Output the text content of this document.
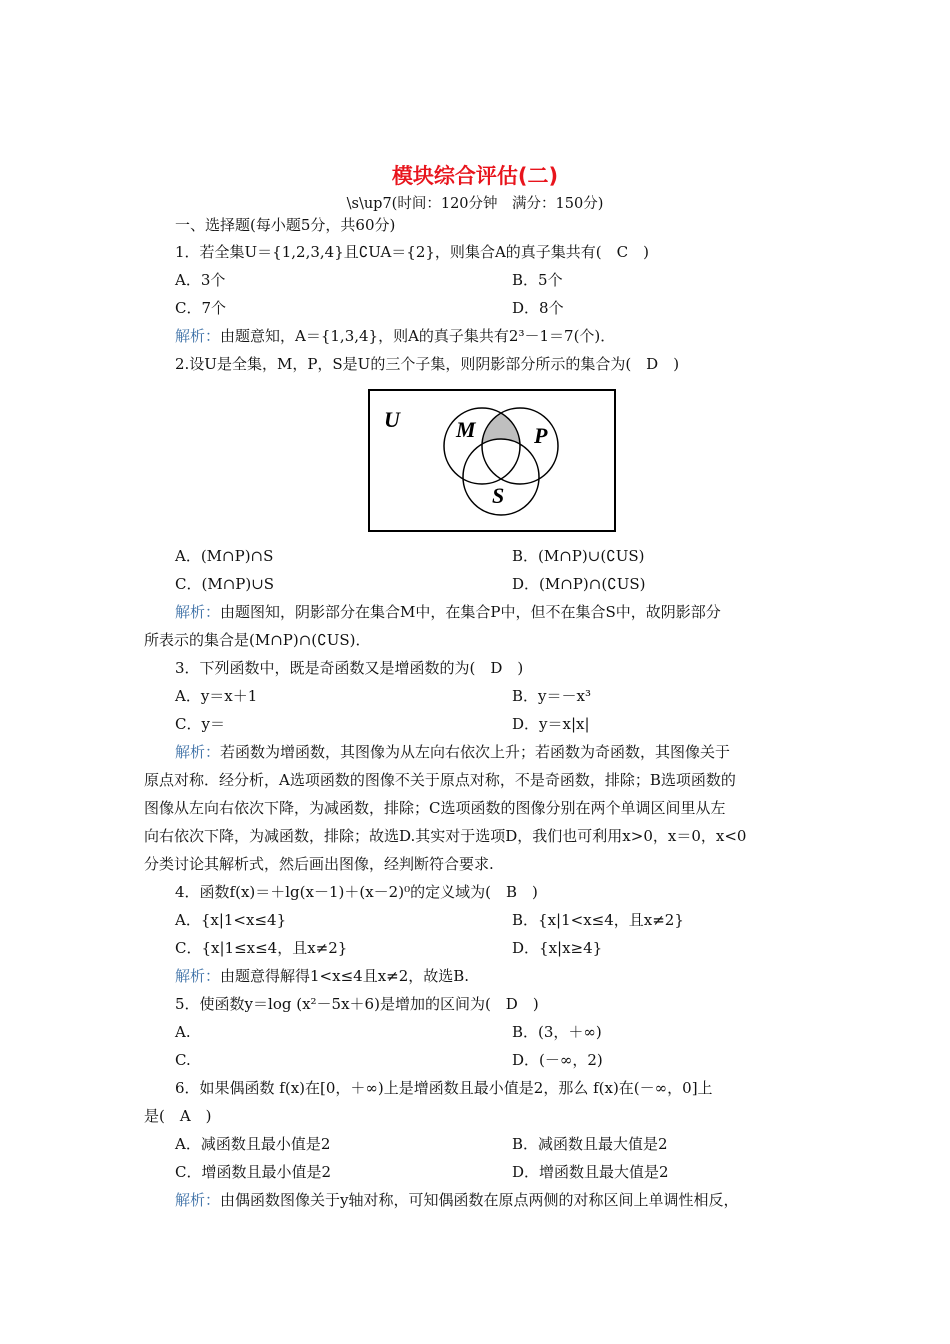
模块综合评估(二)
\s\up7(时间：120分钟　满分：150分)
一、选择题(每小题5分，共60分)
1．若全集U＝{1,2,3,4}且∁UA＝{2}，则集合A的真子集共有(　C　)
A．3个	B．5个
C．7个	D．8个
解析：由题意知，A＝{1,3,4}，则A的真子集共有2³－1＝7(个)．
2.设U是全集，M，P，S是U的三个子集，则阴影部分所示的集合为(　D　)
U	M	P
S
A．(M∩P)∩S	B．(M∩P)∪(∁US)
C．(M∩P)∪S	D．(M∩P)∩(∁US)
解析：由题图知，阴影部分在集合M中，在集合P中，但不在集合S中，故阴影部分
所表示的集合是(M∩P)∩(∁US)．
3．下列函数中，既是奇函数又是增函数的为(　D　)
A．y＝x＋1	B．y＝－x³
C．y＝	D．y＝x|x|
解析：若函数为增函数，其图像为从左向右依次上升；若函数为奇函数，其图像关于
原点对称．经分析，A选项函数的图像不关于原点对称，不是奇函数，排除；B选项函数的
图像从左向右依次下降，为减函数，排除；C选项函数的图像分别在两个单调区间里从左
向右依次下降，为减函数，排除；故选D.其实对于选项D，我们也可利用x>0，x＝0，x<0
分类讨论其解析式，然后画出图像，经判断符合要求.
4．函数f(x)＝＋lg(x－1)＋(x－2)⁰的定义域为(　B　)
A．{x|1<x≤4}	B．{x|1<x≤4，且x≠2}
C．{x|1≤x≤4，且x≠2}	D．{x|x≥4}
解析：由题意得解得1<x≤4且x≠2，故选B.
5．使函数y＝log (x²－5x＋6)是增加的区间为(　D　)
A.	B．(3，＋∞)
C.	D．(－∞，2)
6．如果偶函数 f(x)在[0，＋∞)上是增函数且最小值是2，那么 f(x)在(－∞，0]上
是(　A　)
A．减函数且最小值是2	B．减函数且最大值是2
C．增函数且最小值是2	D．增函数且最大值是2
解析：由偶函数图像关于y轴对称，可知偶函数在原点两侧的对称区间上单调性相反，
